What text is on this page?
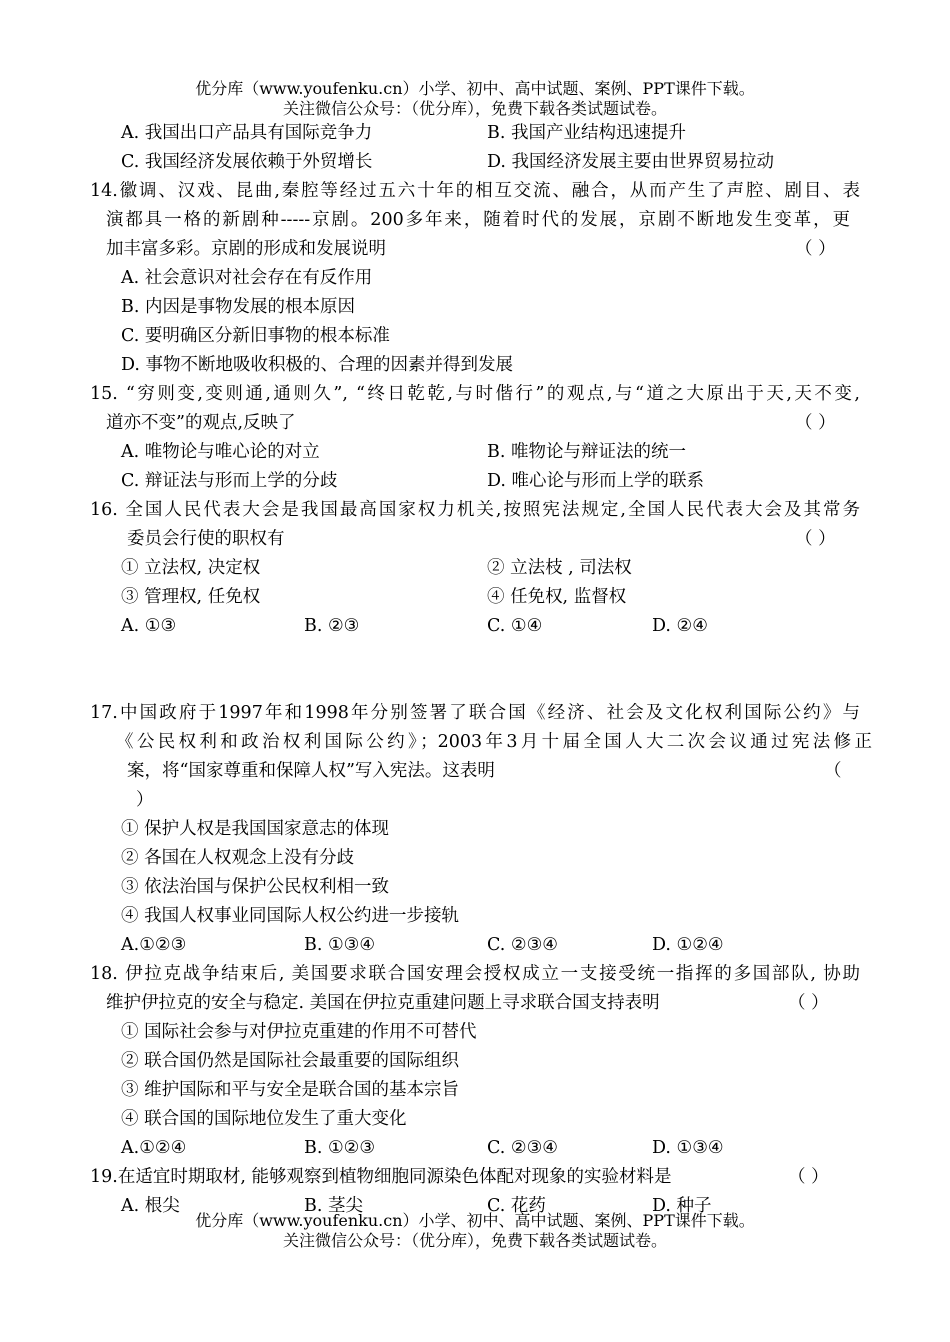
优分库（www.youfenku.cn）小学、初中、高中试题、案例、PPT课件下载。
关注微信公众号：（优分库），免费下载各类试题试卷。
A. 我国出口产品具有国际竞争力	B. 我国产业结构迅速提升
C. 我国经济发展依赖于外贸增长	D. 我国经济发展主要由世界贸易拉动
14.徽调、汉戏、昆曲,秦腔等经过五六十年的相互交流、融合，从而产生了声腔、剧目、表
演都具一格的新剧种-----京剧。200多年来，随着时代的发展，京剧不断地发生变革，更
加丰富多彩。京剧的形成和发展说明	（ ）
A. 社会意识对社会存在有反作用
B. 内因是事物发展的根本原因
C. 要明确区分新旧事物的根本标准
D. 事物不断地吸收积极的、合理的因素并得到发展
15. “穷则变,变则通,通则久”, “终日乾乾,与时偕行”的观点,与“道之大原出于天,天不变,
道亦不变”的观点,反映了	（ ）
A. 唯物论与唯心论的对立	B. 唯物论与辩证法的统一
C. 辩证法与形而上学的分歧	D. 唯心论与形而上学的联系
16. 全国人民代表大会是我国最高国家权力机关,按照宪法规定,全国人民代表大会及其常务
委员会行使的职权有	（ ）
① 立法权, 决定权	② 立法枝 , 司法权
③ 管理权, 任免权	④ 任免权, 监督权
A. ①③	B. ②③	C. ①④	D. ②④
17.中国政府于1997年和1998年分别签署了联合国《经济、社会及文化权利国际公约》与
《公民权利和政治权利国际公约》；2003年3月十届全国人大二次会议通过宪法修正
案，将“国家尊重和保障人权”写入宪法。这表明	（
）
① 保护人权是我国国家意志的体现
② 各国在人权观念上没有分歧
③ 依法治国与保护公民权利相一致
④ 我国人权事业同国际人权公约进一步接轨
A.①②③	B. ①③④	C. ②③④	D. ①②④
18. 伊拉克战争结束后, 美国要求联合国安理会授权成立一支接受统一指挥的多国部队, 协助
维护伊拉克的安全与稳定. 美国在伊拉克重建问题上寻求联合国支持表明	（ ）
① 国际社会参与对伊拉克重建的作用不可替代
② 联合国仍然是国际社会最重要的国际组织
③ 维护国际和平与安全是联合国的基本宗旨
④ 联合国的国际地位发生了重大变化
A.①②④	B. ①②③	C. ②③④	D. ①③④
19.在适宜时期取材, 能够观察到植物细胞同源染色体配对现象的实验材料是	（ ）
A. 根尖	B. 茎尖	C. 花药	D. 种子
优分库（www.youfenku.cn）小学、初中、高中试题、案例、PPT课件下载。
关注微信公众号：（优分库），免费下载各类试题试卷。
